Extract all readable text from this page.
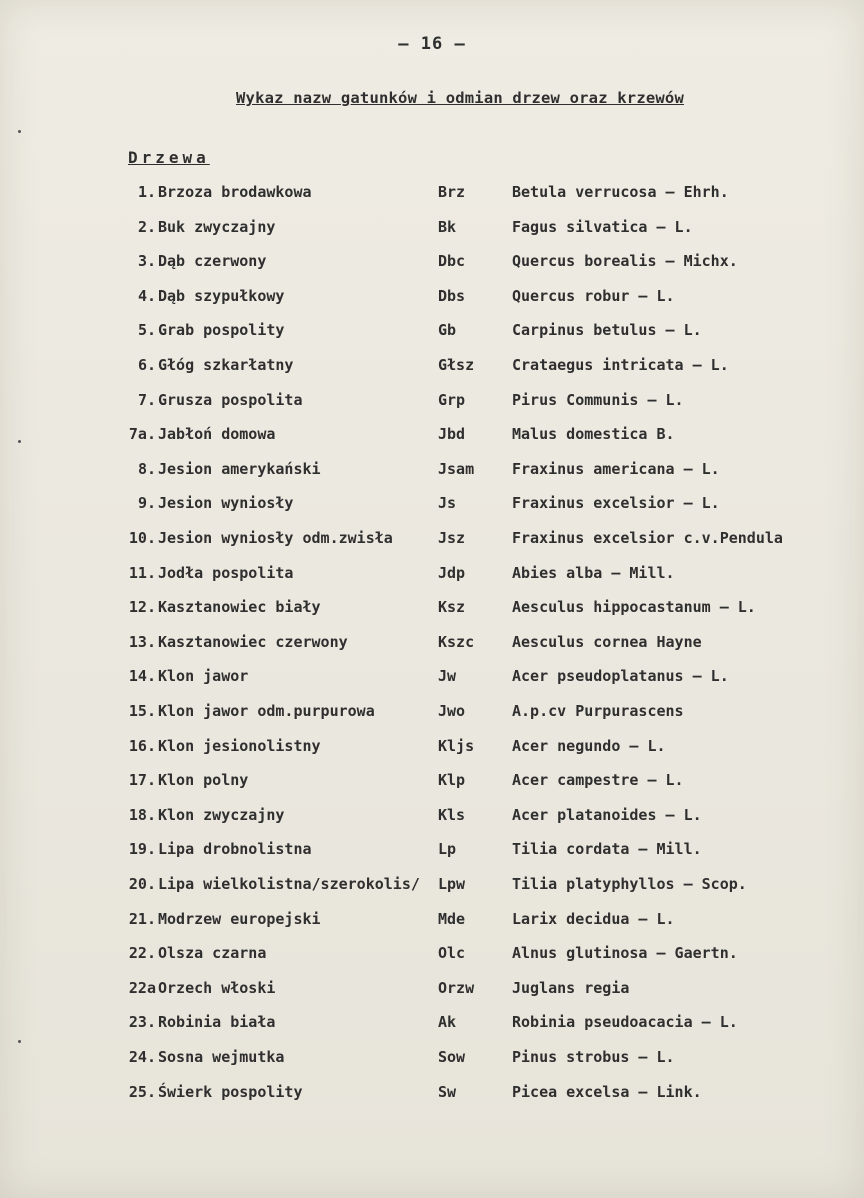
– 16 –
Wykaz nazw gatunków i odmian drzew oraz krzewów
Drzewa
1. Brzoza brodawkowa	Brz	Betula verrucosa – Ehrh.
2. Buk zwyczajny	Bk	Fagus silvatica – L.
3. Dąb czerwony	Dbc	Quercus borealis – Michx.
4. Dąb szypułkowy	Dbs	Quercus robur – L.
5. Grab pospolity	Gb	Carpinus betulus – L.
6. Głóg szkarłatny	Głsz	Crataegus intricata – L.
7. Grusza pospolita	Grp	Pirus Communis – L.
7a. Jabłoń domowa	Jbd	Malus domestica B.
8. Jesion amerykański	Jsam	Fraxinus americana – L.
9. Jesion wyniosły	Js	Fraxinus excelsior – L.
10. Jesion wyniosły odm.zwisła	Jsz	Fraxinus excelsior c.v.Pendula
11. Jodła pospolita	Jdp	Abies alba – Mill.
12. Kasztanowiec biały	Ksz	Aesculus hippocastanum – L.
13. Kasztanowiec czerwony	Kszc	Aesculus cornea Hayne
14. Klon jawor	Jw	Acer pseudoplatanus – L.
15. Klon jawor odm.purpurowa	Jwo	A.p.cv Purpurascens
16. Klon jesionolistny	Kljs	Acer negundo – L.
17. Klon polny	Klp	Acer campestre – L.
18. Klon zwyczajny	Kls	Acer platanoides – L.
19. Lipa drobnolistna	Lp	Tilia cordata – Mill.
20. Lipa wielkolistna/szerokolis/ Lpw	Tilia platyphyllos – Scop.
21. Modrzew europejski	Mde	Larix decidua – L.
22. Olsza czarna	Olc	Alnus glutinosa – Gaertn.
22a Orzech włoski	Orzw	Juglans regia
23. Robinia biała	Ak	Robinia pseudoacacia – L.
24. Sosna wejmutka	Sow	Pinus strobus – L.
25. Świerk pospolity	Sw	Picea excelsa – Link.
